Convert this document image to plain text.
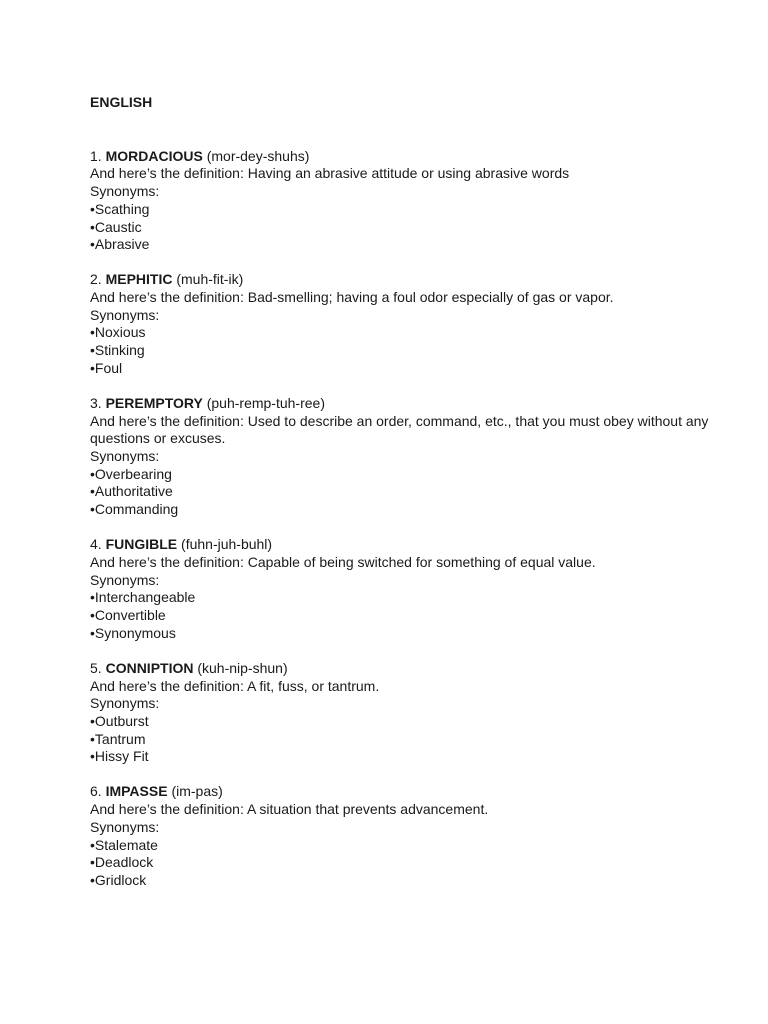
ENGLISH
1. MORDACIOUS (mor-dey-shuhs)
And here’s the definition: Having an abrasive attitude or using abrasive words
Synonyms:
•Scathing
•Caustic
•Abrasive
2. MEPHITIC (muh-fit-ik)
And here’s the definition: Bad-smelling; having a foul odor especially of gas or vapor.
Synonyms:
•Noxious
•Stinking
•Foul
3. PEREMPTORY (puh-remp-tuh-ree)
And here’s the definition: Used to describe an order, command, etc., that you must obey without any questions or excuses.
Synonyms:
•Overbearing
•Authoritative
•Commanding
4. FUNGIBLE (fuhn-juh-buhl)
And here’s the definition: Capable of being switched for something of equal value.
Synonyms:
•Interchangeable
•Convertible
•Synonymous
5. CONNIPTION (kuh-nip-shun)
And here’s the definition: A fit, fuss, or tantrum.
Synonyms:
•Outburst
•Tantrum
•Hissy Fit
6. IMPASSE (im-pas)
And here’s the definition: A situation that prevents advancement.
Synonyms:
•Stalemate
•Deadlock
•Gridlock
